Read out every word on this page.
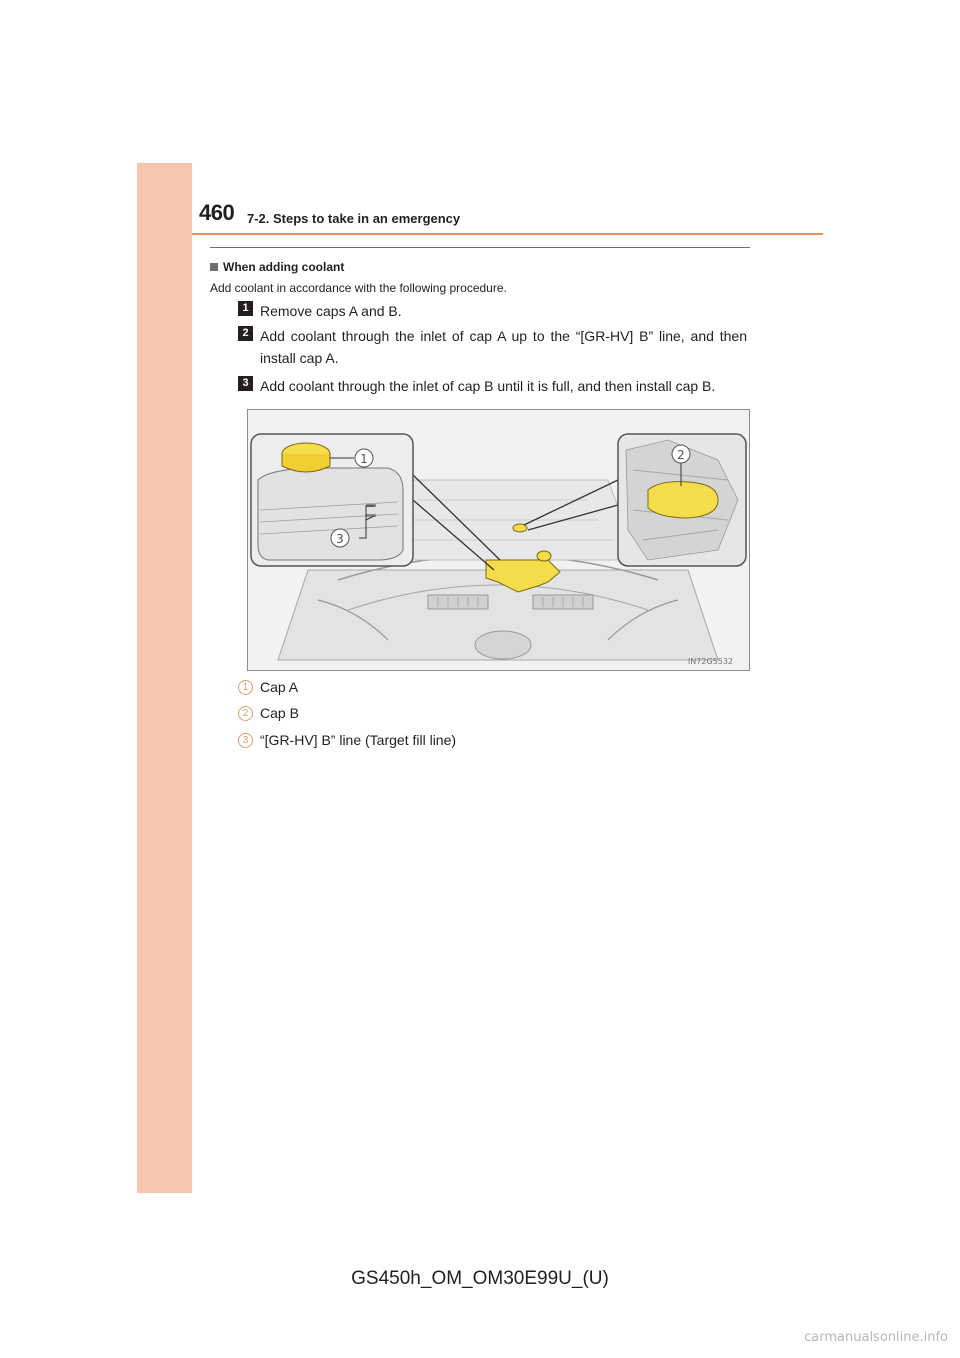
460 7-2. Steps to take in an emergency
When adding coolant
Add coolant in accordance with the following procedure.
1 Remove caps A and B.
2 Add coolant through the inlet of cap A up to the “[GR-HV] B” line, and then install cap A.
3 Add coolant through the inlet of cap B until it is full, and then install cap B.
1	2
3
IN72GS532
1 Cap A
2 Cap B
3 “[GR-HV] B” line (Target fill line)
GS450h_OM_OM30E99U_(U)
carmanualsonline.info
